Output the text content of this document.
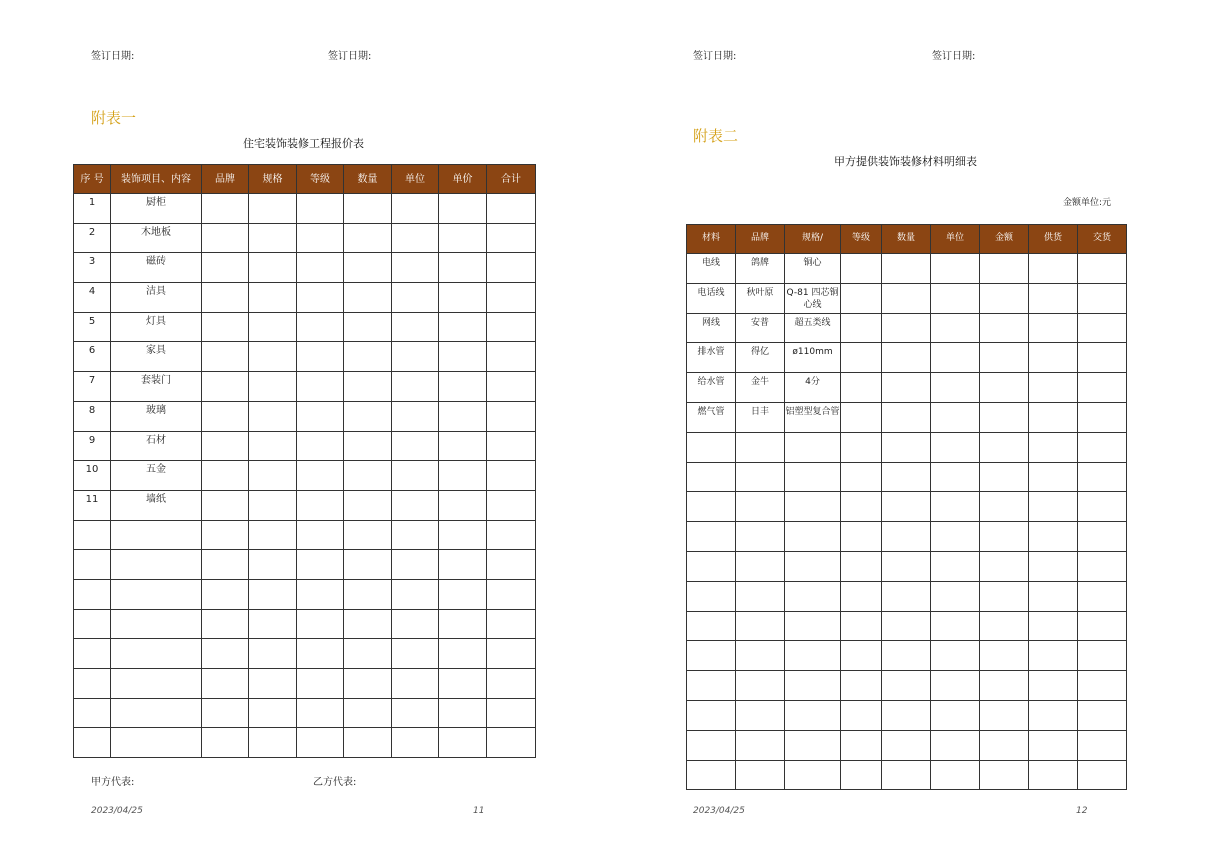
签订日期:	签订日期:
附表一
住宅装饰装修工程报价表
序 号	装饰项目、内容	品牌	规格	等级	数量	单位	单价	合计
1	厨柜							
2	木地板							
3	磁砖							
4	洁具							
5	灯具							
6	家具							
7	套装门							
8	玻璃							
9	石材							
10	五金							
11	墙纸							

甲方代表:	乙方代表:
2023/04/25	11
签订日期:	签订日期:
附表二
甲方提供装饰装修材料明细表
金额单位:元
材料	品牌	规格/	等级	数量	单位	金额	供货	交货
电线	鸽牌	铜心						
电话线	秋叶原	Q-81 四芯铜心线						
网线	安普	超五类线						
排水管	得亿	ø110mm						
给水管	金牛	4分						
燃气管	日丰	铝塑型复合管						

2023/04/25	12
